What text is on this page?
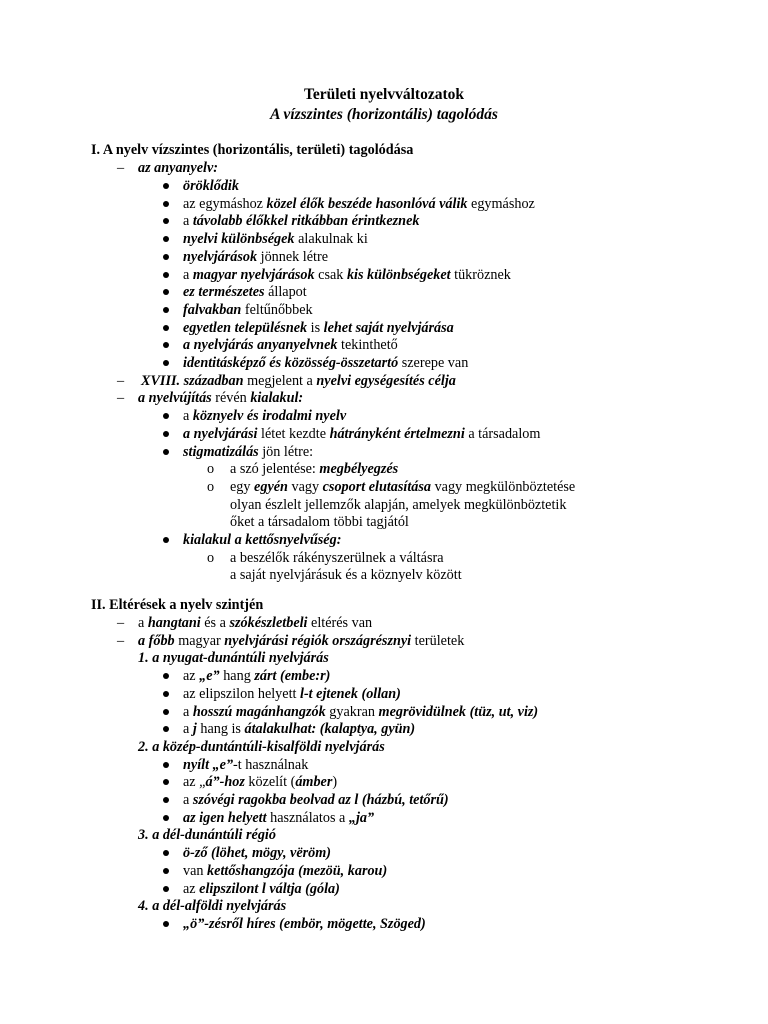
Területi nyelvváltozatok
A vízszintes (horizontális) tagolódás
I. A nyelv vízszintes (horizontális, területi) tagolódása
– az anyanyelv:
öröklődik
az egymáshoz közel élők beszéde hasonlóvá válik egymáshoz
a távolabb élőkkel ritkábban érintkeznek
nyelvi különbségek alakulnak ki
nyelvjárások jönnek létre
a magyar nyelvjárások csak kis különbségeket tükröznek
ez természetes állapot
falvakban feltűnőbbek
egyetlen településnek is lehet saját nyelvjárása
a nyelvjárás anyanyelvnek tekinthető
identitásképző és közösség-összetartó szerepe van
– XVIII. században megjelent a nyelvi egységesítés célja
– a nyelvújítás révén kialakul:
a köznyelv és irodalmi nyelv
a nyelvjárási létet kezdte hátrányként értelmezni a társadalom
stigmatizálás jön létre:
o a szó jelentése: megbélyegzés
o egy egyén vagy csoport elutasítása vagy megkülönböztetése
olyan észlelt jellemzők alapján, amelyek megkülönböztetik
őket a társadalom többi tagjától
kialakul a kettősnyelvűség:
o a beszélők rákényszerülnek a váltásra
a saját nyelvjárásuk és a köznyelv között
II. Eltérések a nyelv szintjén
– a hangtani és a szókészletbeli eltérés van
– a főbb magyar nyelvjárási régiók országrésznyi területek
1. a nyugat-dunántúli nyelvjárás
az „e” hang zárt (embe:r)
az elipszilon helyett l-t ejtenek (ollan)
a hosszú magánhangzók gyakran megrövidülnek (tüz, ut, viz)
a j hang is átalakulhat: (kalaptya, gyün)
2. a közép-duntántúli-kisalföldi nyelvjárás
nyílt „e”-t használnak
az „á”-hoz közelít (ámber)
a szóvégi ragokba beolvad az l (házbú, tetőrű)
az igen helyett használatos a „ja”
3. a dél-dunántúli régió
ö-ző (löhet, mögy, vëröm)
van kettőshangzója (mezöü, karou)
az elipszilont l váltja (góla)
4. a dél-alföldi nyelvjárás
„ö”-zésről híres (embör, mögette, Szöged)
